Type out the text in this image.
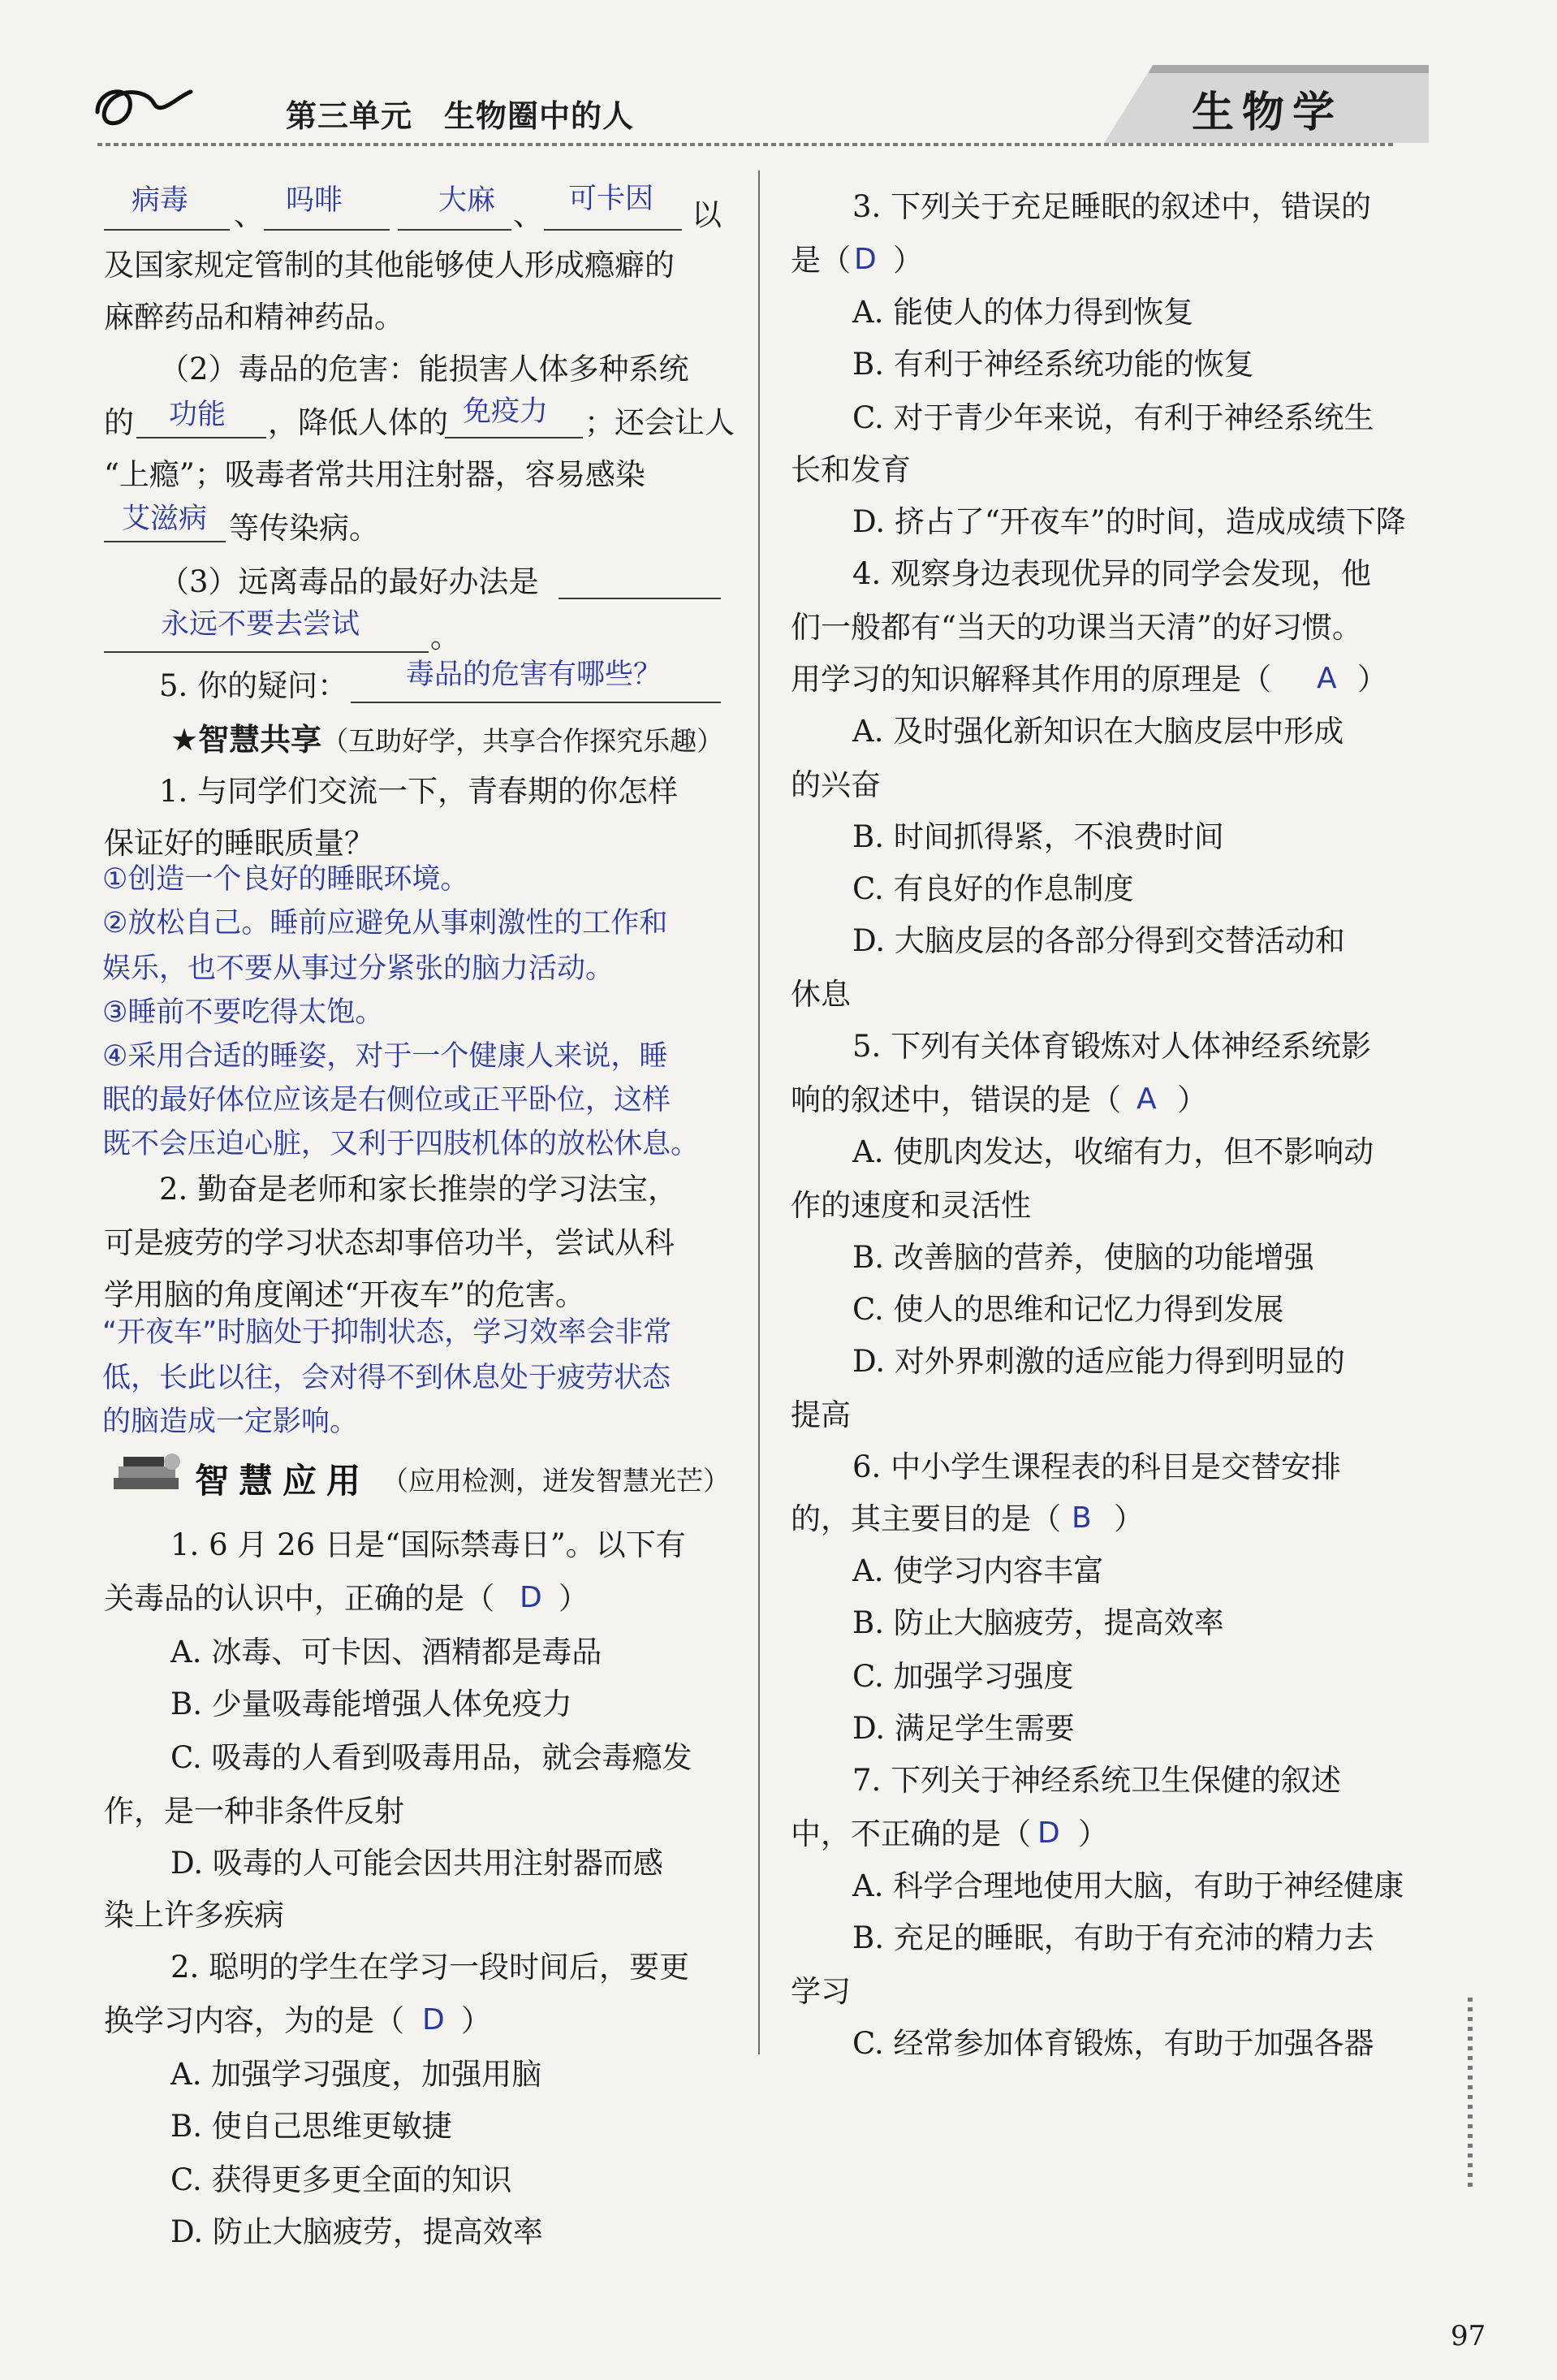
第三单元　生物圈中的人	生物学
病毒 、 吗啡	大麻 、 可卡因 以
及国家规定管制的其他能够使人形成瘾癖的
麻醉药品和精神药品。
（2）毒品的危害：能损害人体多种系统
的 功能 ，降低人体的 免疫力 ；还会让人
“上瘾”；吸毒者常共用注射器，容易感染
艾滋病 等传染病。
（3）远离毒品的最好办法是
永远不要去尝试 。
5. 你的疑问： 毒品的危害有哪些？
★智慧共享（互助好学，共享合作探究乐趣）
1. 与同学们交流一下，青春期的你怎样
保证好的睡眠质量？
①创造一个良好的睡眠环境。
②放松自己。睡前应避免从事刺激性的工作和
娱乐，也不要从事过分紧张的脑力活动。
③睡前不要吃得太饱。
④采用合适的睡姿，对于一个健康人来说，睡
眠的最好体位应该是右侧位或正平卧位，这样
既不会压迫心脏，又利于四肢机体的放松休息。
2. 勤奋是老师和家长推崇的学习法宝，
可是疲劳的学习状态却事倍功半，尝试从科
学用脑的角度阐述“开夜车”的危害。
“开夜车”时脑处于抑制状态，学习效率会非常
低，长此以往，会对得不到休息处于疲劳状态
的脑造成一定影响。
智慧应用 （应用检测，迸发智慧光芒）
1. 6 月 26 日是“国际禁毒日”。以下有
关毒品的认识中，正确的是（ D ）
A. 冰毒、可卡因、酒精都是毒品
B. 少量吸毒能增强人体免疫力
C. 吸毒的人看到吸毒用品，就会毒瘾发
作，是一种非条件反射
D. 吸毒的人可能会因共用注射器而感
染上许多疾病
2. 聪明的学生在学习一段时间后，要更
换学习内容，为的是（ D ）
A. 加强学习强度，加强用脑
B. 使自己思维更敏捷
C. 获得更多更全面的知识
D. 防止大脑疲劳，提高效率
3. 下列关于充足睡眠的叙述中，错误的
是（ D ）
A. 能使人的体力得到恢复
B. 有利于神经系统功能的恢复
C. 对于青少年来说，有利于神经系统生
长和发育
D. 挤占了“开夜车”的时间，造成成绩下降
4. 观察身边表现优异的同学会发现，他
们一般都有“当天的功课当天清”的好习惯。
用学习的知识解释其作用的原理是（ A ）
A. 及时强化新知识在大脑皮层中形成
的兴奋
B. 时间抓得紧，不浪费时间
C. 有良好的作息制度
D. 大脑皮层的各部分得到交替活动和
休息
5. 下列有关体育锻炼对人体神经系统影
响的叙述中，错误的是（ A ）
A. 使肌肉发达，收缩有力，但不影响动
作的速度和灵活性
B. 改善脑的营养，使脑的功能增强
C. 使人的思维和记忆力得到发展
D. 对外界刺激的适应能力得到明显的
提高
6. 中小学生课程表的科目是交替安排
的，其主要目的是（ B ）
A. 使学习内容丰富
B. 防止大脑疲劳，提高效率
C. 加强学习强度
D. 满足学生需要
7. 下列关于神经系统卫生保健的叙述
中，不正确的是（ D ）
A. 科学合理地使用大脑，有助于神经健康
B. 充足的睡眠，有助于有充沛的精力去
学习
C. 经常参加体育锻炼，有助于加强各器
97
